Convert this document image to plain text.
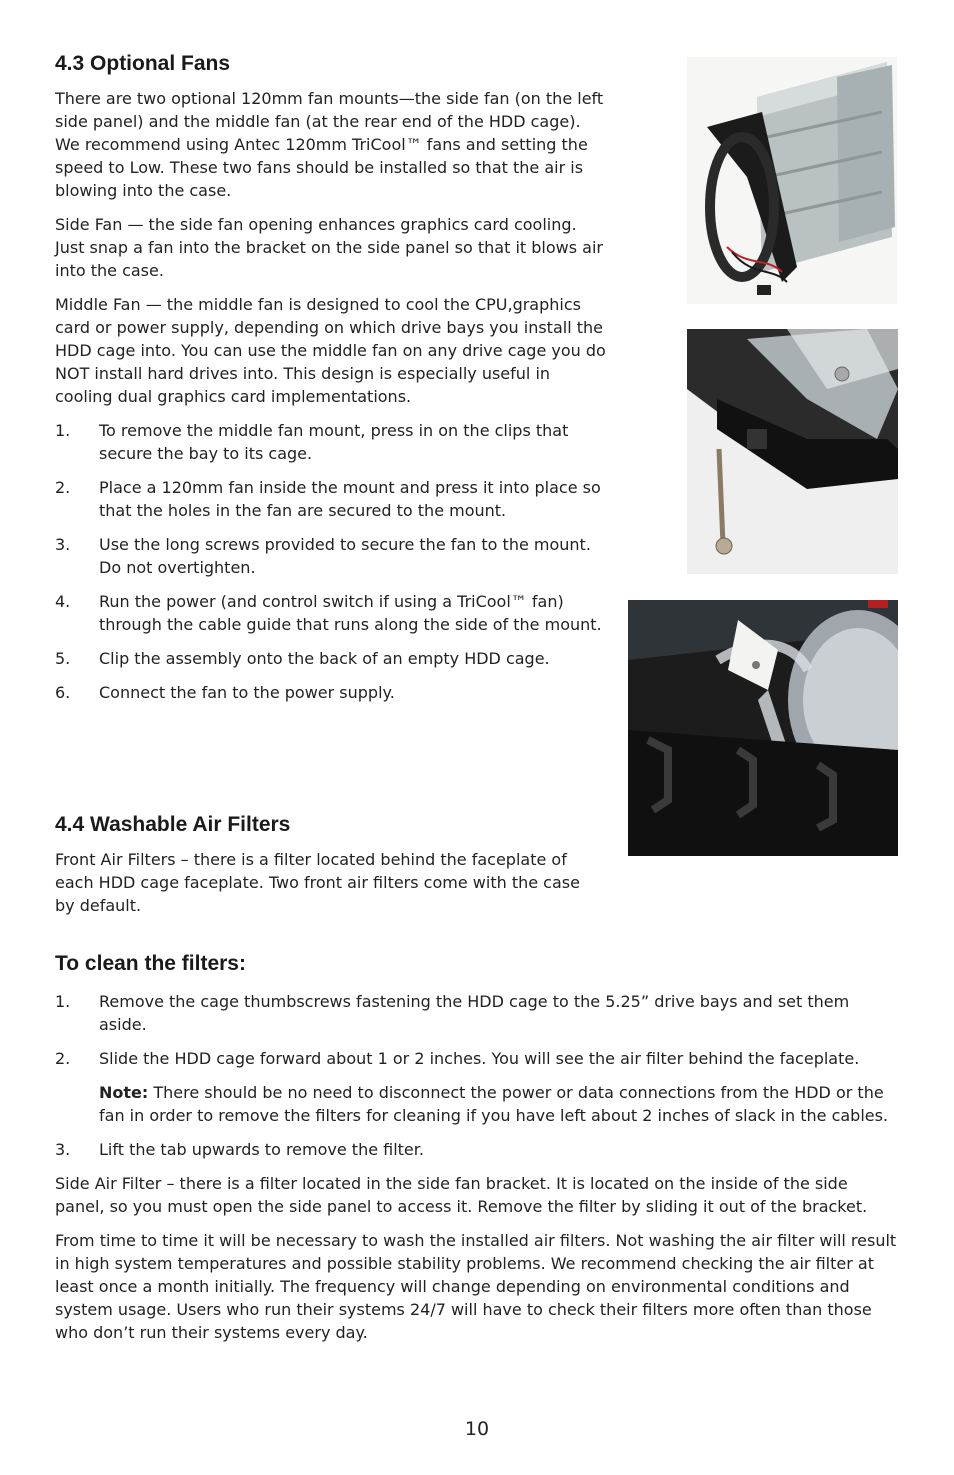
4.3 Optional Fans

There are two optional 120mm fan mounts—the side fan (on the left side panel) and the middle fan (at the rear end of the HDD cage). We recommend using Antec 120mm TriCool™ fans and setting the speed to Low. These two fans should be installed so that the air is blowing into the case.

Side Fan — the side fan opening enhances graphics card cooling. Just snap a fan into the bracket on the side panel so that it blows air into the case.

Middle Fan — the middle fan is designed to cool the CPU,graphics card or power supply, depending on which drive bays you install the HDD cage into. You can use the middle fan on any drive cage you do NOT install hard drives into. This design is especially useful in cooling dual graphics card implementations.

1. To remove the middle fan mount, press in on the clips that secure the bay to its cage.
2. Place a 120mm fan inside the mount and press it into place so that the holes in the fan are secured to the mount.
3. Use the long screws provided to secure the fan to the mount. Do not overtighten.
4. Run the power (and control switch if using a TriCool™ fan) through the cable guide that runs along the side of the mount.
5. Clip the assembly onto the back of an empty HDD cage.
6. Connect the fan to the power supply.
4.4 Washable Air Filters

Front Air Filters – there is a filter located behind the faceplate of each HDD cage faceplate. Two front air filters come with the case by default.

To clean the filters:
1. Remove the cage thumbscrews fastening the HDD cage to the 5.25” drive bays and set them aside.
2. Slide the HDD cage forward about 1 or 2 inches. You will see the air filter behind the faceplate.

Note: There should be no need to disconnect the power or data connections from the HDD or the fan in order to remove the filters for cleaning if you have left about 2 inches of slack in the cables.

3. Lift the tab upwards to remove the filter.

Side Air Filter – there is a filter located in the side fan bracket. It is located on the inside of the side panel, so you must open the side panel to access it. Remove the filter by sliding it out of the bracket.

From time to time it will be necessary to wash the installed air filters. Not washing the air filter will result in high system temperatures and possible stability problems. We recommend checking the air filter at least once a month initially. The frequency will change depending on environmental conditions and system usage. Users who run their systems 24/7 will have to check their filters more often than those who don’t run their systems every day.

10
